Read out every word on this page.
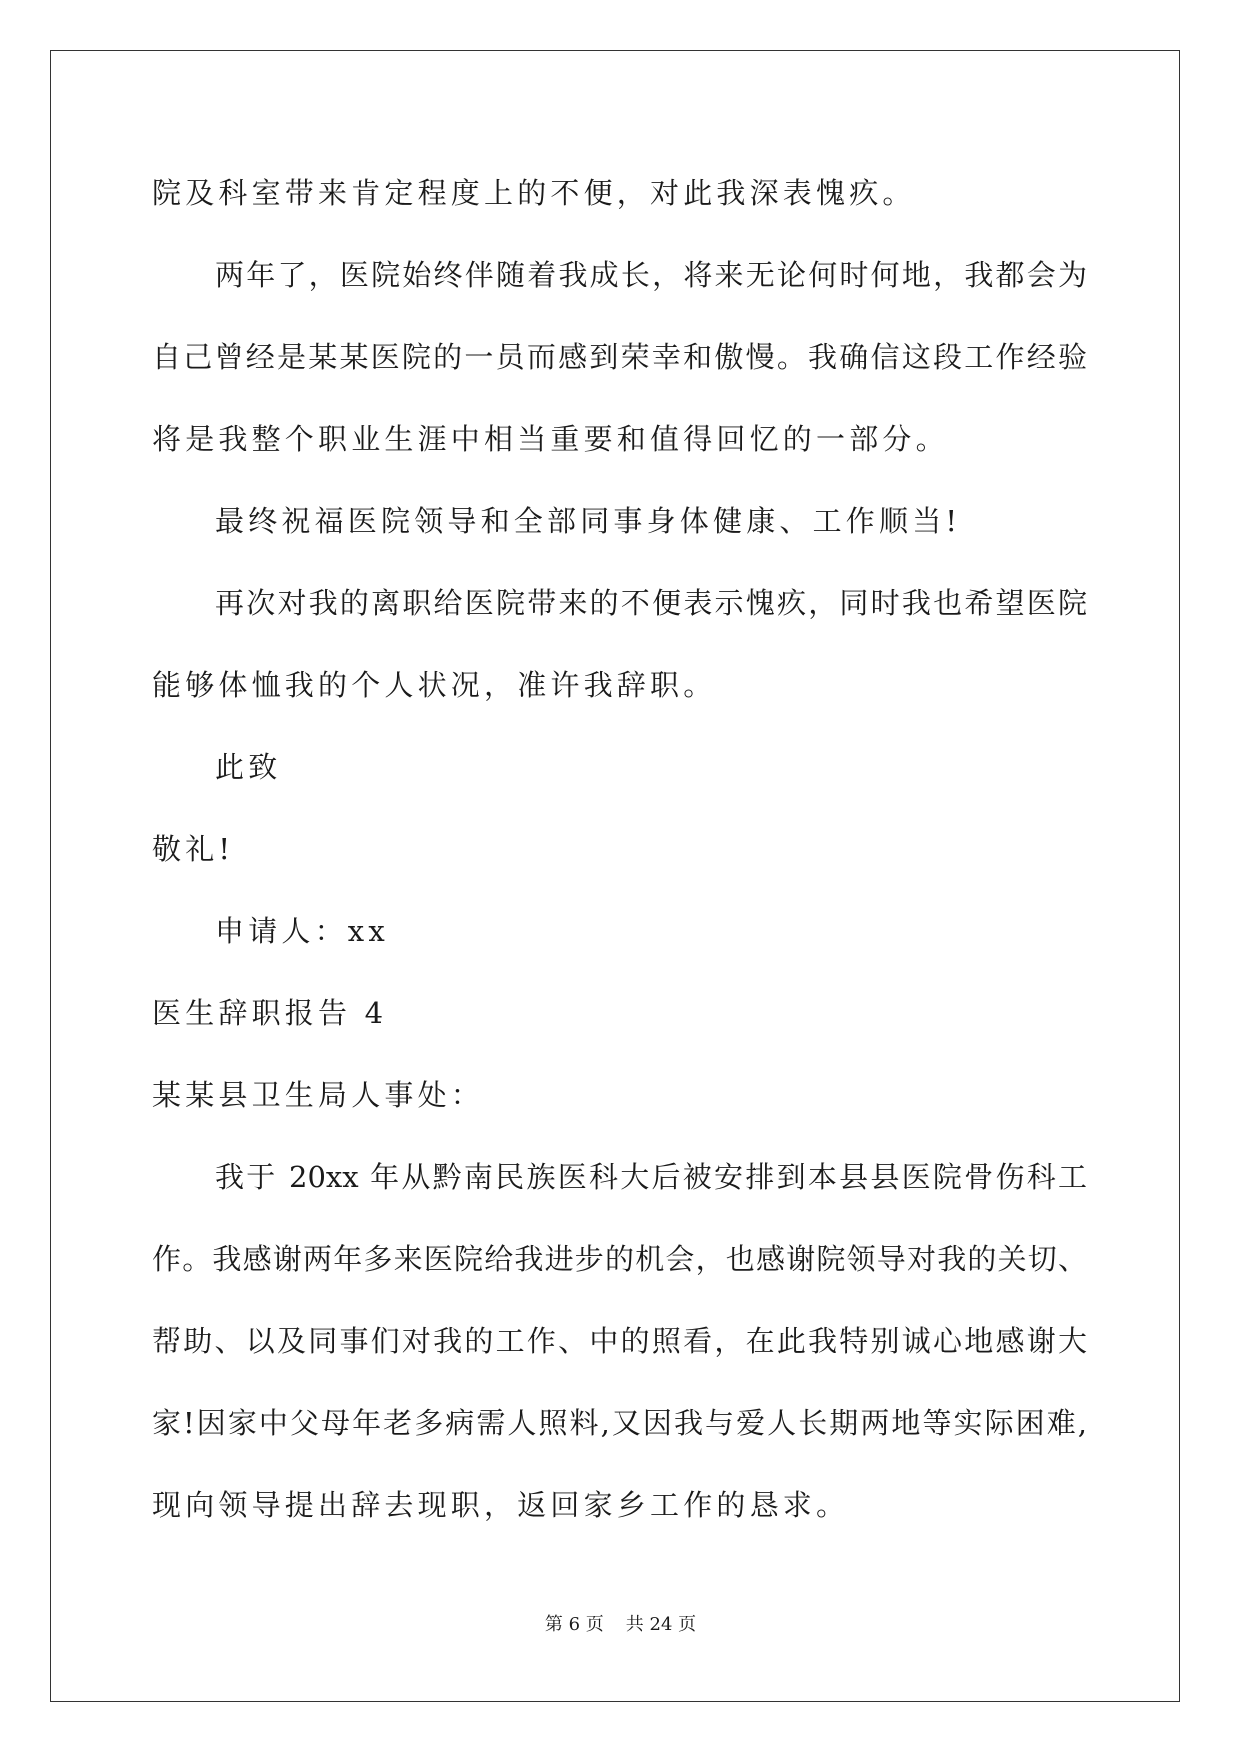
院及科室带来肯定程度上的不便，对此我深表愧疚。
两年了，医院始终伴随着我成长，将来无论何时何地，我都会为
自己曾经是某某医院的一员而感到荣幸和傲慢。我确信这段工作经验
将是我整个职业生涯中相当重要和值得回忆的一部分。
最终祝福医院领导和全部同事身体健康、工作顺当!
再次对我的离职给医院带来的不便表示愧疚，同时我也希望医院
能够体恤我的个人状况，准许我辞职。
此致
敬礼!
申请人：xx
医生辞职报告 4
某某县卫生局人事处：
我于 20xx 年从黔南民族医科大后被安排到本县县医院骨伤科工
作。我感谢两年多来医院给我进步的机会，也感谢院领导对我的关切、
帮助、以及同事们对我的工作、中的照看，在此我特别诚心地感谢大
家!因家中父母年老多病需人照料,又因我与爱人长期两地等实际困难,
现向领导提出辞去现职，返回家乡工作的恳求。
第 6 页 共 24 页
